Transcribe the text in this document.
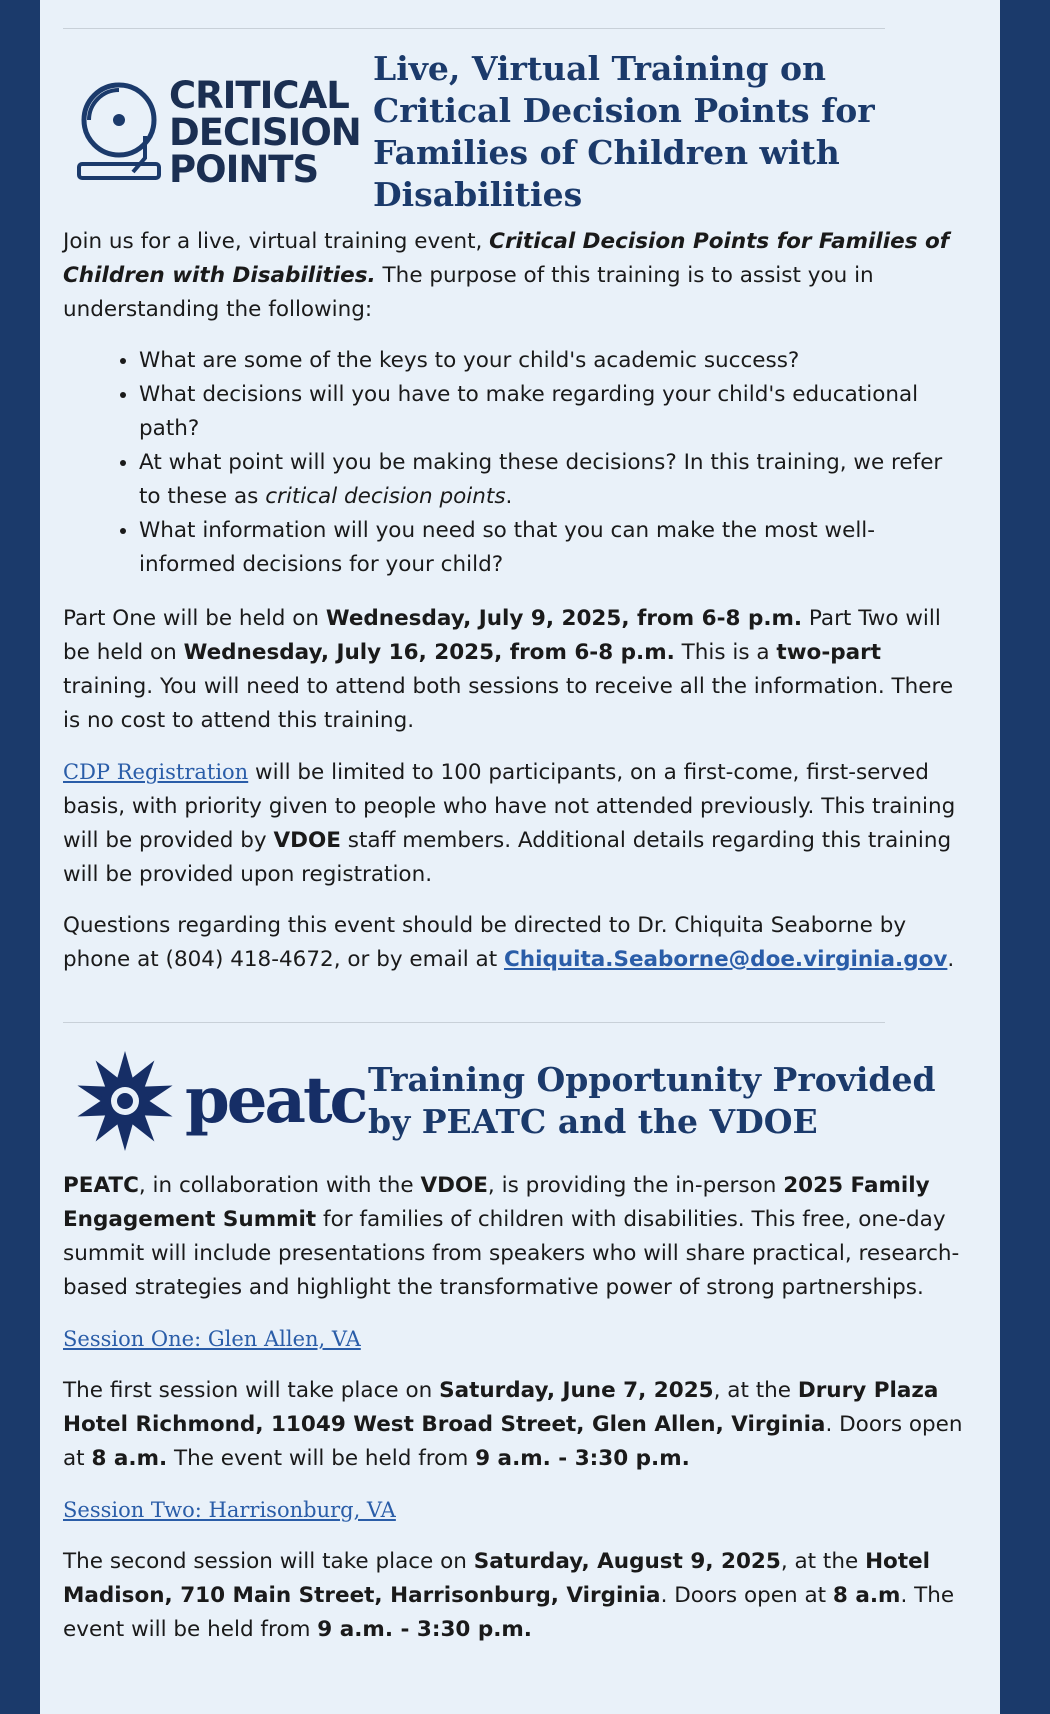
CRITICAL
DECISION
POINTS
Live, Virtual Training on Critical Decision Points for Families of Children with Disabilities

Join us for a live, virtual training event, Critical Decision Points for Families of Children with Disabilities. The purpose of this training is to assist you in understanding the following:

• What are some of the keys to your child's academic success?
• What decisions will you have to make regarding your child's educational path?
• At what point will you be making these decisions? In this training, we refer to these as critical decision points.
• What information will you need so that you can make the most well-informed decisions for your child?

Part One will be held on Wednesday, July 9, 2025, from 6-8 p.m. Part Two will be held on Wednesday, July 16, 2025, from 6-8 p.m. This is a two-part training. You will need to attend both sessions to receive all the information. There is no cost to attend this training.

CDP Registration will be limited to 100 participants, on a first-come, first-served basis, with priority given to people who have not attended previously. This training will be provided by VDOE staff members. Additional details regarding this training will be provided upon registration.

Questions regarding this event should be directed to Dr. Chiquita Seaborne by phone at (804) 418-4672, or by email at Chiquita.Seaborne@doe.virginia.gov.

peatc Training Opportunity Provided by PEATC and the VDOE

PEATC, in collaboration with the VDOE, is providing the in-person 2025 Family Engagement Summit for families of children with disabilities. This free, one-day summit will include presentations from speakers who will share practical, research-based strategies and highlight the transformative power of strong partnerships.

Session One: Glen Allen, VA

The first session will take place on Saturday, June 7, 2025, at the Drury Plaza Hotel Richmond, 11049 West Broad Street, Glen Allen, Virginia. Doors open at 8 a.m. The event will be held from 9 a.m. - 3:30 p.m.

Session Two: Harrisonburg, VA

The second session will take place on Saturday, August 9, 2025, at the Hotel Madison, 710 Main Street, Harrisonburg, Virginia. Doors open at 8 a.m. The event will be held from 9 a.m. - 3:30 p.m.
